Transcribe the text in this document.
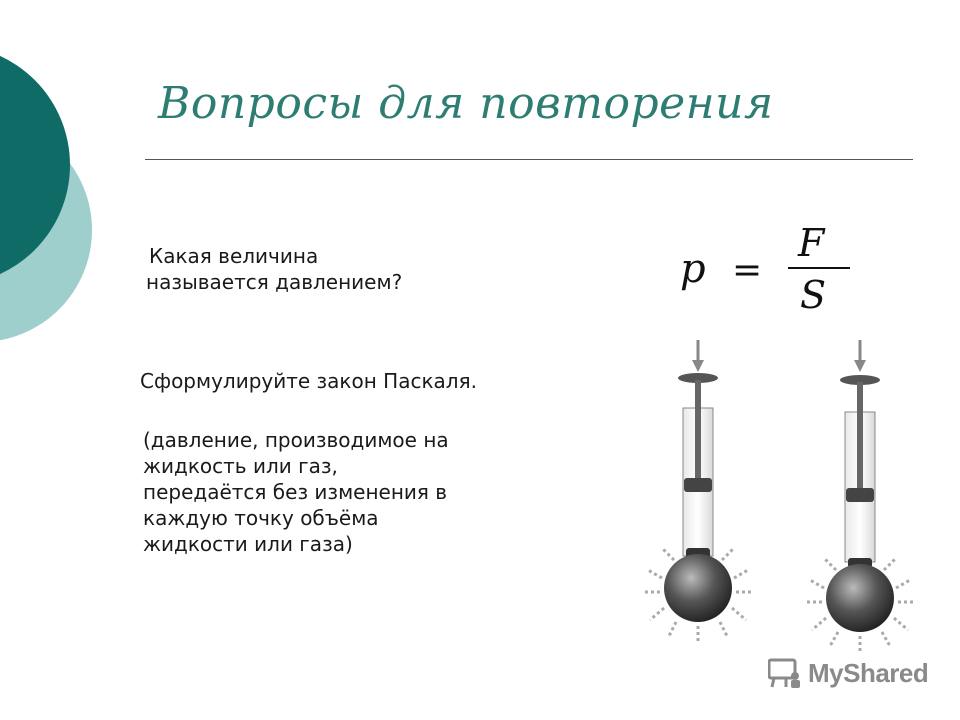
Вопросы для повторения
Какая величина
называется давлением?
Сформулируйте закон Паскаля.
(давление, производимое на
жидкость или газ,
передаётся без изменения в
каждую точку объёма
жидкости или газа)
p =
F
S
MyShared
